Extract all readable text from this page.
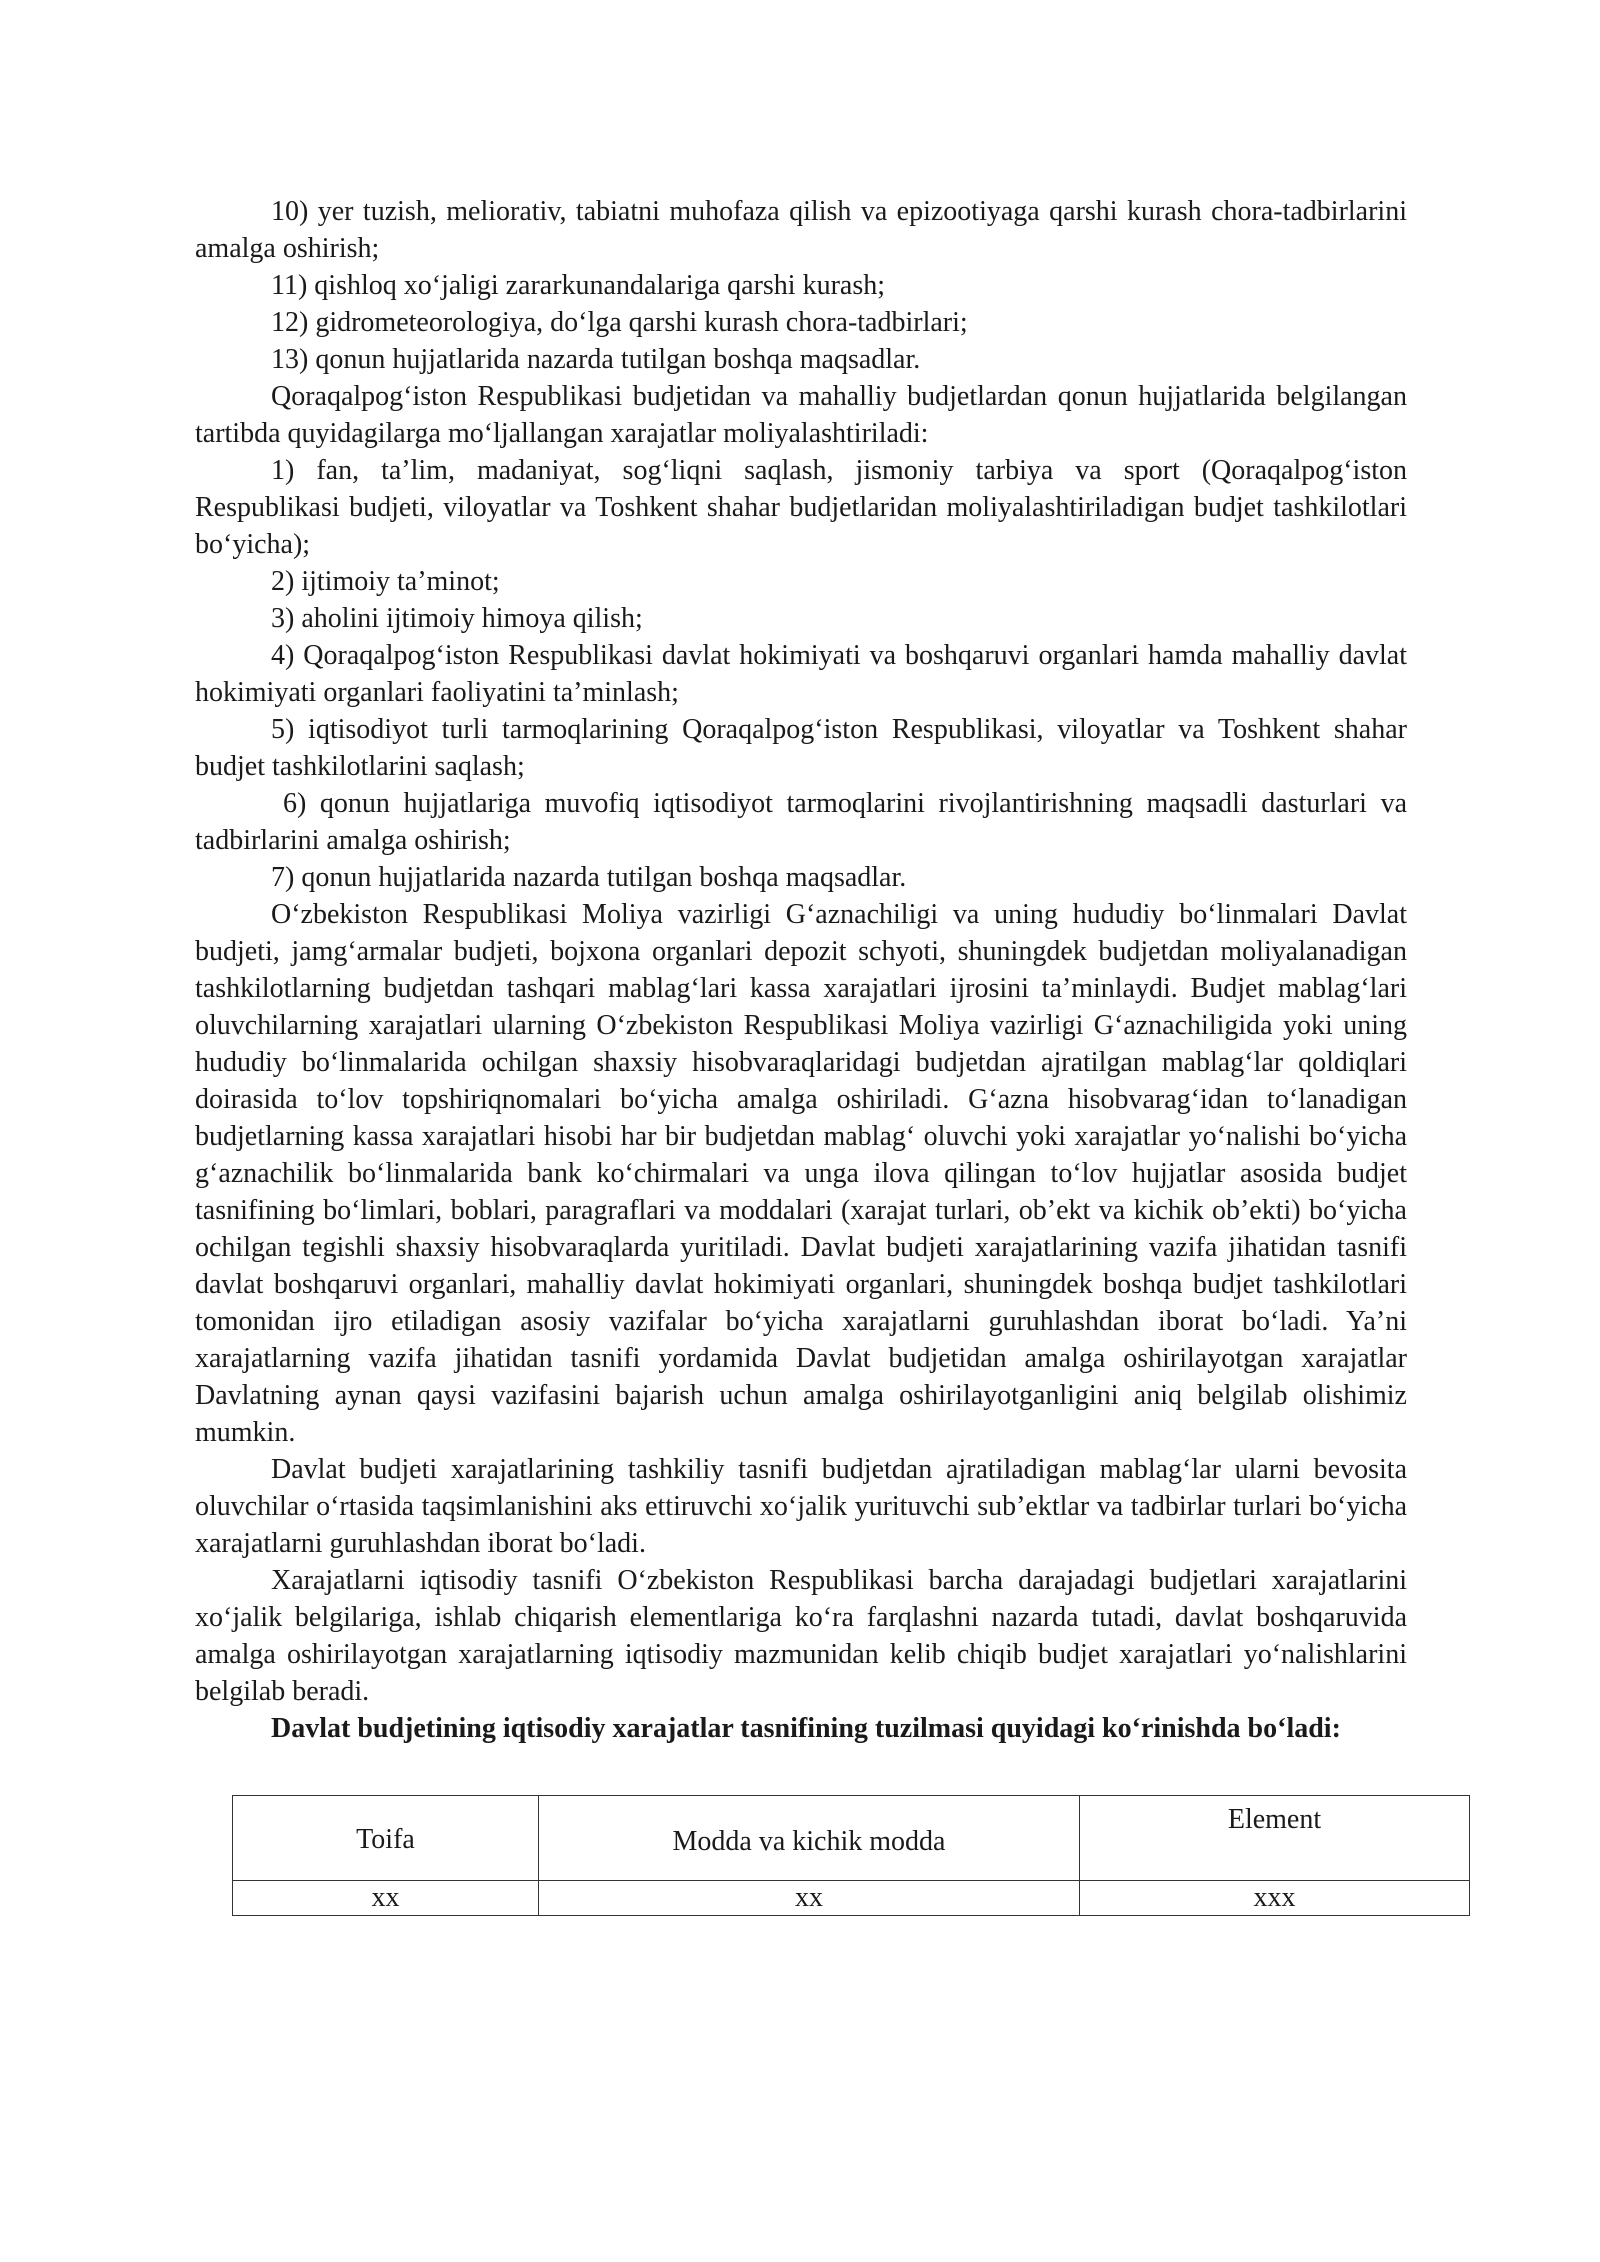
10) yer tuzish, meliorativ, tabiatni muhofaza qilish va epizootiyaga qarshi kurash chora-tadbirlarini amalga oshirish;

11) qishloq xo‘jaligi zararkunandalariga qarshi kurash;

12) gidrometeorologiya, do‘lga qarshi kurash chora-tadbirlari;

13) qonun hujjatlarida nazarda tutilgan boshqa maqsadlar.

Qoraqalpog‘iston Respublikasi budjetidan va mahalliy budjetlardan qonun hujjatlarida belgilangan tartibda quyidagilarga mo‘ljallangan xarajatlar moliyalashtiriladi:

1) fan, ta’lim, madaniyat, sog‘liqni saqlash, jismoniy tarbiya va sport (Qoraqalpog‘iston Respublikasi budjeti, viloyatlar va Toshkent shahar budjetlaridan moliyalashtiriladigan budjet tashkilotlari bo‘yicha);

2) ijtimoiy ta’minot;

3) aholini ijtimoiy himoya qilish;

4) Qoraqalpog‘iston Respublikasi davlat hokimiyati va boshqaruvi organlari hamda mahalliy davlat hokimiyati organlari faoliyatini ta’minlash;

5) iqtisodiyot turli tarmoqlarining Qoraqalpog‘iston Respublikasi, viloyatlar va Toshkent shahar budjet tashkilotlarini saqlash;

6) qonun hujjatlariga muvofiq iqtisodiyot tarmoqlarini rivojlantirishning maqsadli dasturlari va tadbirlarini amalga oshirish;

7) qonun hujjatlarida nazarda tutilgan boshqa maqsadlar.

O‘zbekiston Respublikasi Moliya vazirligi G‘aznachiligi va uning hududiy bo‘linmalari Davlat budjeti, jamg‘armalar budjeti, bojxona organlari depozit schyoti, shuningdek budjetdan moliyalanadigan tashkilotlarning budjetdan tashqari mablag‘lari kassa xarajatlari ijrosini ta’minlaydi. Budjet mablag‘lari oluvchilarning xarajatlari ularning O‘zbekiston Respublikasi Moliya vazirligi G‘aznachiligida yoki uning hududiy bo‘linmalarida ochilgan shaxsiy hisobvaraqlaridagi budjetdan ajratilgan mablag‘lar qoldiqlari doirasida to‘lov topshiriqnomalari bo‘yicha amalga oshiriladi. G‘azna hisobvarag‘idan to‘lanadigan budjetlarning kassa xarajatlari hisobi har bir budjetdan mablag‘ oluvchi yoki xarajatlar yo‘nalishi bo‘yicha g‘aznachilik bo‘linmalarida bank ko‘chirmalari va unga ilova qilingan to‘lov hujjatlar asosida budjet tasnifining bo‘limlari, boblari, paragraflari va moddalari (xarajat turlari, ob’ekt va kichik ob’ekti) bo‘yicha ochilgan tegishli shaxsiy hisobvaraqlarda yuritiladi. Davlat budjeti xarajatlarining vazifa jihatidan tasnifi davlat boshqaruvi organlari, mahalliy davlat hokimiyati organlari, shuningdek boshqa budjet tashkilotlari tomonidan ijro etiladigan asosiy vazifalar bo‘yicha xarajatlarni guruhlashdan iborat bo‘ladi. Ya’ni xarajatlarning vazifa jihatidan tasnifi yordamida Davlat budjetidan amalga oshirilayotgan xarajatlar Davlatning aynan qaysi vazifasini bajarish uchun amalga oshirilayotganligini aniq belgilab olishimiz mumkin.

Davlat budjeti xarajatlarining tashkiliy tasnifi budjetdan ajratiladigan mablag‘lar ularni bevosita oluvchilar o‘rtasida taqsimlanishini aks ettiruvchi xo‘jalik yurituvchi sub’ektlar va tadbirlar turlari bo‘yicha xarajatlarni guruhlashdan iborat bo‘ladi.

Xarajatlarni iqtisodiy tasnifi O‘zbekiston Respublikasi barcha darajadagi budjetlari xarajatlarini xo‘jalik belgilariga, ishlab chiqarish elementlariga ko‘ra farqlashni nazarda tutadi, davlat boshqaruvida amalga oshirilayotgan xarajatlarning iqtisodiy mazmunidan kelib chiqib budjet xarajatlari yo‘nalishlarini belgilab beradi.

Davlat budjetining iqtisodiy xarajatlar tasnifining tuzilmasi quyidagi ko‘rinishda bo‘ladi:

Toifa	Modda va kichik modda	Element
xx	xx	xxx
